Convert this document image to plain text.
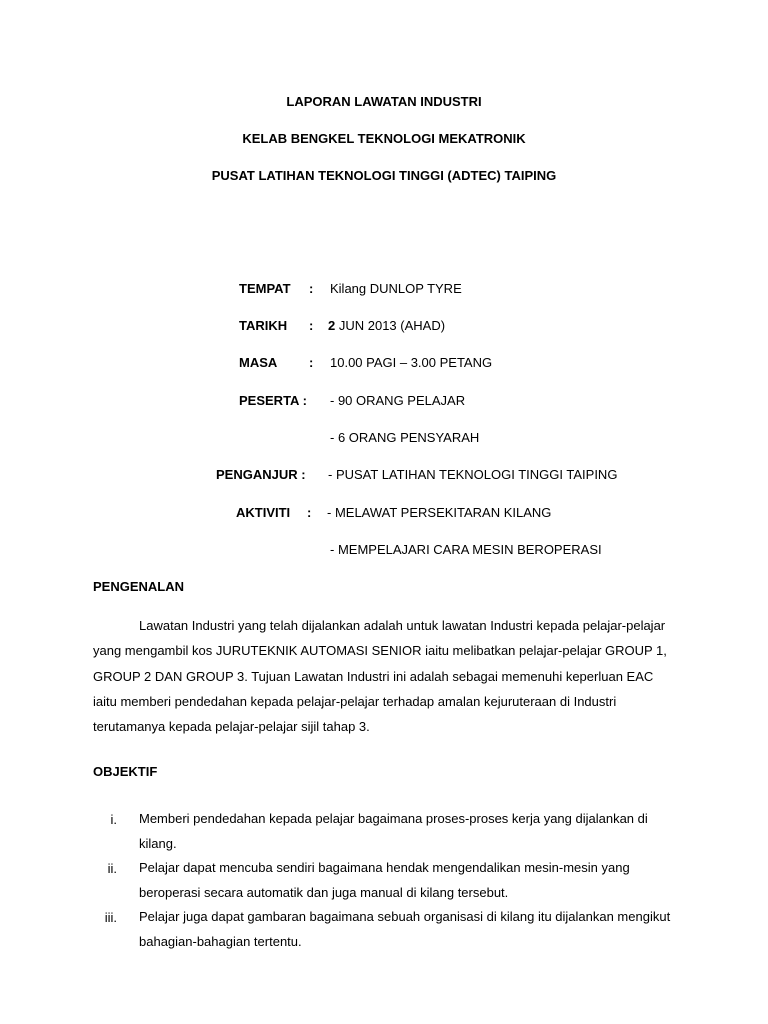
LAPORAN LAWATAN INDUSTRI
KELAB BENGKEL TEKNOLOGI MEKATRONIK
PUSAT LATIHAN TEKNOLOGI TINGGI (ADTEC) TAIPING
TEMPAT : Kilang DUNLOP TYRE
TARIKH : 2 JUN 2013 (AHAD)
MASA : 10.00 PAGI – 3.00 PETANG
PESERTA : - 90 ORANG PELAJAR
- 6 ORANG PENSYARAH
PENGANJUR : - PUSAT LATIHAN TEKNOLOGI TINGGI TAIPING
AKTIVITI : - MELAWAT PERSEKITARAN KILANG
- MEMPELAJARI CARA MESIN BEROPERASI
PENGENALAN
Lawatan Industri yang telah dijalankan adalah untuk lawatan Industri kepada pelajar-pelajar yang mengambil kos JURUTEKNIK AUTOMASI SENIOR iaitu melibatkan pelajar-pelajar GROUP 1, GROUP 2 DAN GROUP 3. Tujuan Lawatan Industri ini adalah sebagai memenuhi keperluan EAC iaitu memberi pendedahan kepada pelajar-pelajar terhadap amalan kejuruteraan di Industri terutamanya kepada pelajar-pelajar sijil tahap 3.
OBJEKTIF
i. Memberi pendedahan kepada pelajar bagaimana proses-proses kerja yang dijalankan di kilang.
ii. Pelajar dapat mencuba sendiri bagaimana hendak mengendalikan mesin-mesin yang beroperasi secara automatik dan juga manual di kilang tersebut.
iii. Pelajar juga dapat gambaran bagaimana sebuah organisasi di kilang itu dijalankan mengikut bahagian-bahagian tertentu.
